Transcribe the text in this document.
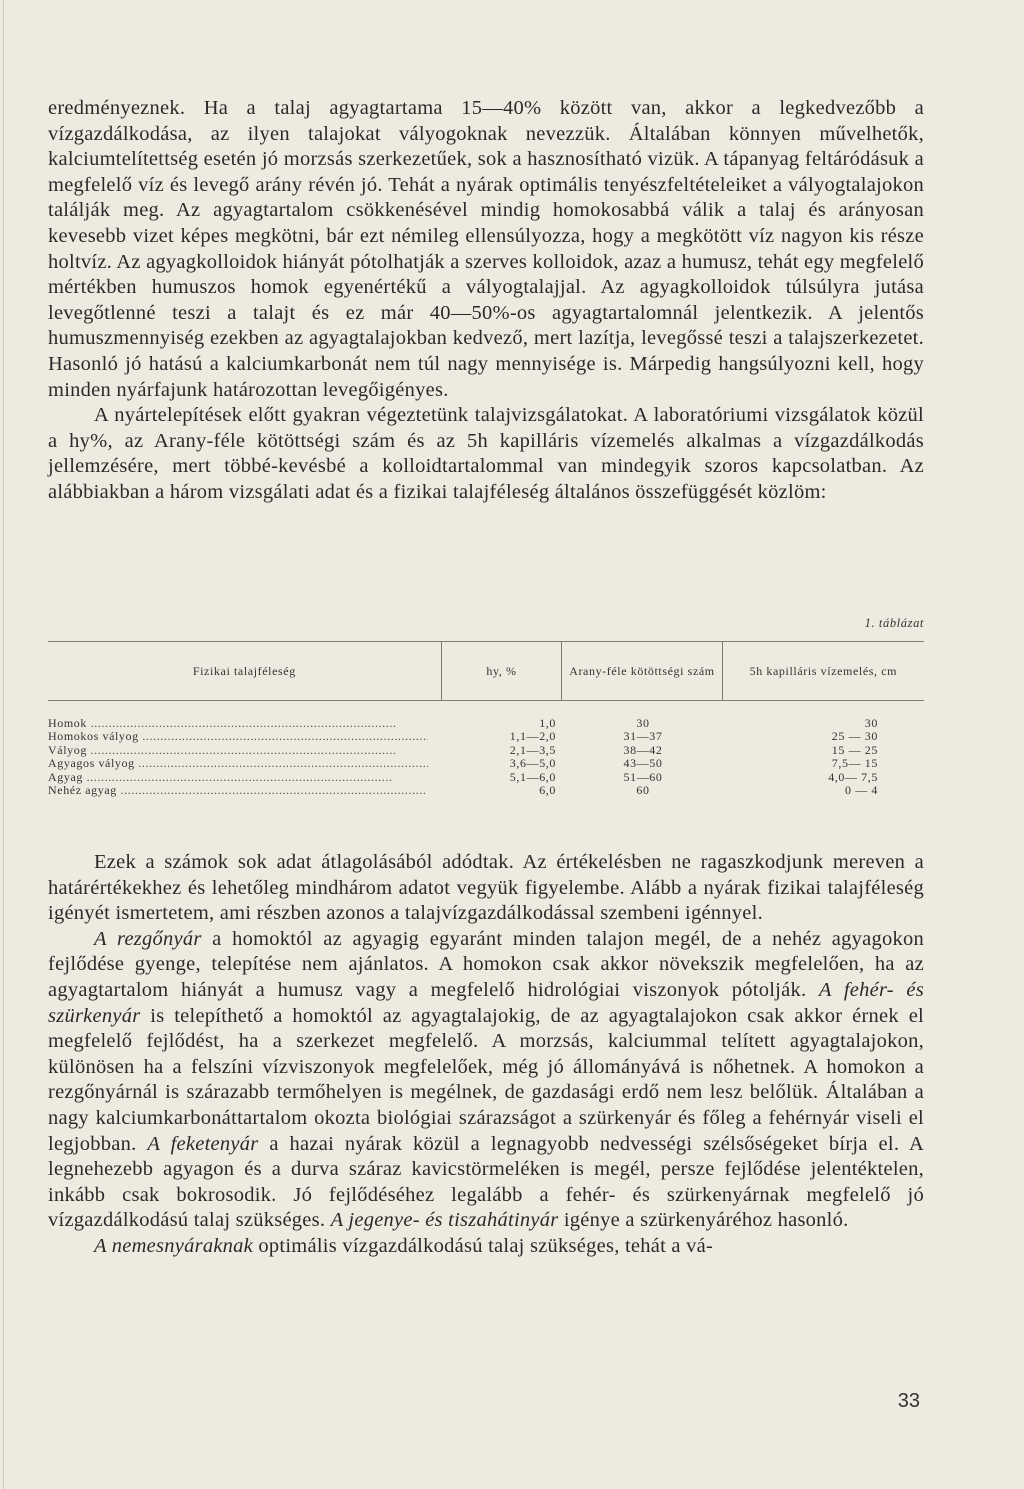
eredményeznek. Ha a talaj agyagtartama 15—40% között van, akkor a legkedvezőbb a vízgazdálkodása, az ilyen talajokat vályogoknak nevezzük. Általában könnyen művelhetők, kalciumtelítettség esetén jó morzsás szerkezetűek, sok a hasznosítható vizük. A tápanyag feltáródásuk a megfelelő víz és levegő arány révén jó. Tehát a nyárak optimális tenyészfeltételeiket a vályogtalajokon találják meg. Az agyagtartalom csökkenésével mindig homokosabbá válik a talaj és arányosan kevesebb vizet képes megkötni, bár ezt némileg ellensúlyozza, hogy a megkötött víz nagyon kis része holtvíz. Az agyagkolloidok hiányát pótolhatják a szerves kolloidok, azaz a humusz, tehát egy megfelelő mértékben humuszos homok egyenértékű a vályogtalajjal. Az agyagkolloidok túlsúlyra jutása levegőtlenné teszi a talajt és ez már 40—50%-os agyagtartalomnál jelentkezik. A jelentős humuszmennyiség ezekben az agyagtalajokban kedvező, mert lazítja, levegőssé teszi a talajszerkezetet. Hasonló jó hatású a kalciumkarbonát nem túl nagy mennyisége is. Márpedig hangsúlyozni kell, hogy minden nyárfajunk határozottan levegőigényes.

A nyártelepítések előtt gyakran végeztetünk talajvizsgálatokat. A laboratóriumi vizsgálatok közül a hy%, az Arany-féle kötöttségi szám és az 5h kapilláris vízemelés alkalmas a vízgazdálkodás jellemzésére, mert többé-kevésbé a kolloidtartalommal van mindegyik szoros kapcsolatban. Az alábbiakban a három vizsgálati adat és a fizikai talajféleség általános összefüggését közlöm:

1. táblázat

Fizikai talajféleség	hy, %	Arany-féle kötöttségi szám	5h kapilláris vízemelés, cm
Homok .....	1,0	30	30
Homokos vályog .....	1,1—2,0	31—37	25 — 30
Vályog .....	2,1—3,5	38—42	15 — 25
Agyagos vályog .....	3,6—5,0	43—50	7,5— 15
Agyag .....	5,1—6,0	51—60	4,0— 7,5
Nehéz agyag .....	6,0	60	0 — 4

Ezek a számok sok adat átlagolásából adódtak. Az értékelésben ne ragaszkodjunk mereven a határértékekhez és lehetőleg mindhárom adatot vegyük figyelembe. Alább a nyárak fizikai talajféleség igényét ismertetem, ami részben azonos a talajvízgazdálkodással szembeni igénnyel.

A rezgőnyár a homoktól az agyagig egyaránt minden talajon megél, de a nehéz agyagokon fejlődése gyenge, telepítése nem ajánlatos. A homokon csak akkor növekszik megfelelően, ha az agyagtartalom hiányát a humusz vagy a megfelelő hidrológiai viszonyok pótolják. A fehér- és szürkenyár is telepíthető a homoktól az agyagtalajokig, de az agyagtalajokon csak akkor érnek el megfelelő fejlődést, ha a szerkezet megfelelő. A morzsás, kalciummal telített agyagtalajokon, különösen ha a felszíni vízviszonyok megfelelőek, még jó állományává is nőhetnek. A homokon a rezgőnyárnál is szárazabb termőhelyen is megélnek, de gazdasági erdő nem lesz belőlük. Általában a nagy kalciumkarbonáttartalom okozta biológiai szárazságot a szürkenyár és főleg a fehérnyár viseli el legjobban. A feketenyár a hazai nyárak közül a legnagyobb nedvességi szélsőségeket bírja el. A legnehezebb agyagon és a durva száraz kavicstörmeléken is megél, persze fejlődése jelentéktelen, inkább csak bokrosodik. Jó fejlődéséhez legalább a fehér- és szürkenyárnak megfelelő jó vízgazdálkodású talaj szükséges. A jegenye- és tiszahátinyár igénye a szürkenyáréhoz hasonló.

A nemesnyáraknak optimális vízgazdálkodású talaj szükséges, tehát a vá-

33
